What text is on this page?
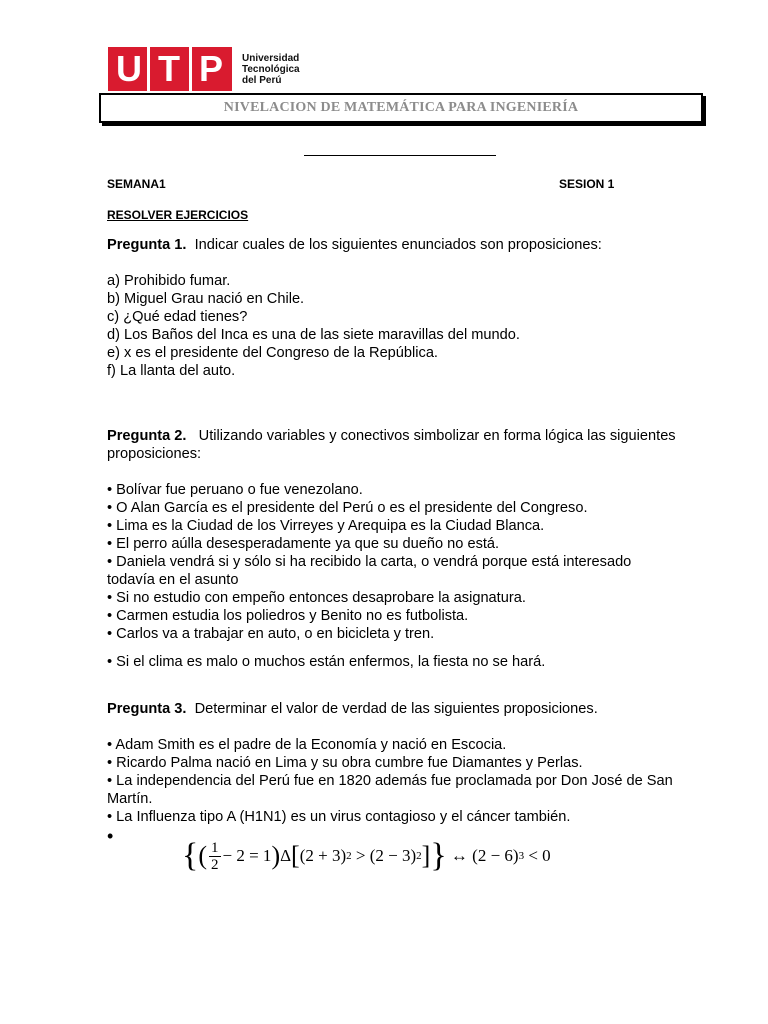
U T P Universidad
Tecnológica
del Perú
NIVELACION DE MATEMÁTICA PARA INGENIERÍA
SEMANA1	SESION 1
RESOLVER EJERCICIOS
Pregunta 1. Indicar cuales de los siguientes enunciados son proposiciones:
a) Prohibido fumar.
b) Miguel Grau nació en Chile.
c) ¿Qué edad tienes?
d) Los Baños del Inca es una de las siete maravillas del mundo.
e) x es el presidente del Congreso de la República.
f) La llanta del auto.
Pregunta 2. Utilizando variables y conectivos simbolizar en forma lógica las siguientes
proposiciones:
• Bolívar fue peruano o fue venezolano.
• O Alan García es el presidente del Perú o es el presidente del Congreso.
• Lima es la Ciudad de los Virreyes y Arequipa es la Ciudad Blanca.
• El perro aúlla desesperadamente ya que su dueño no está.
• Daniela vendrá si y sólo si ha recibido la carta, o vendrá porque está interesado
todavía en el asunto
• Si no estudio con empeño entonces desaprobare la asignatura.
• Carmen estudia los poliedros y Benito no es futbolista.
• Carlos va a trabajar en auto, o en bicicleta y tren.
• Si el clima es malo o muchos están enfermos, la fiesta no se hará.
Pregunta 3. Determinar el valor de verdad de las siguientes proposiciones.
• Adam Smith es el padre de la Economía y nació en Escocia.
• Ricardo Palma nació en Lima y su obra cumbre fue Diamantes y Perlas.
• La independencia del Perú fue en 1820 además fue proclamada por Don José de San
Martín.
• La Influenza tipo A (H1N1) es un virus contagioso y el cáncer también.
•
{ ( $\frac{1}{2} - 2 = 1$ ) Δ [ (2 + 3) 2 > (2 − 3) 2 ] } ↔ (2 − 6) 3 < 0
